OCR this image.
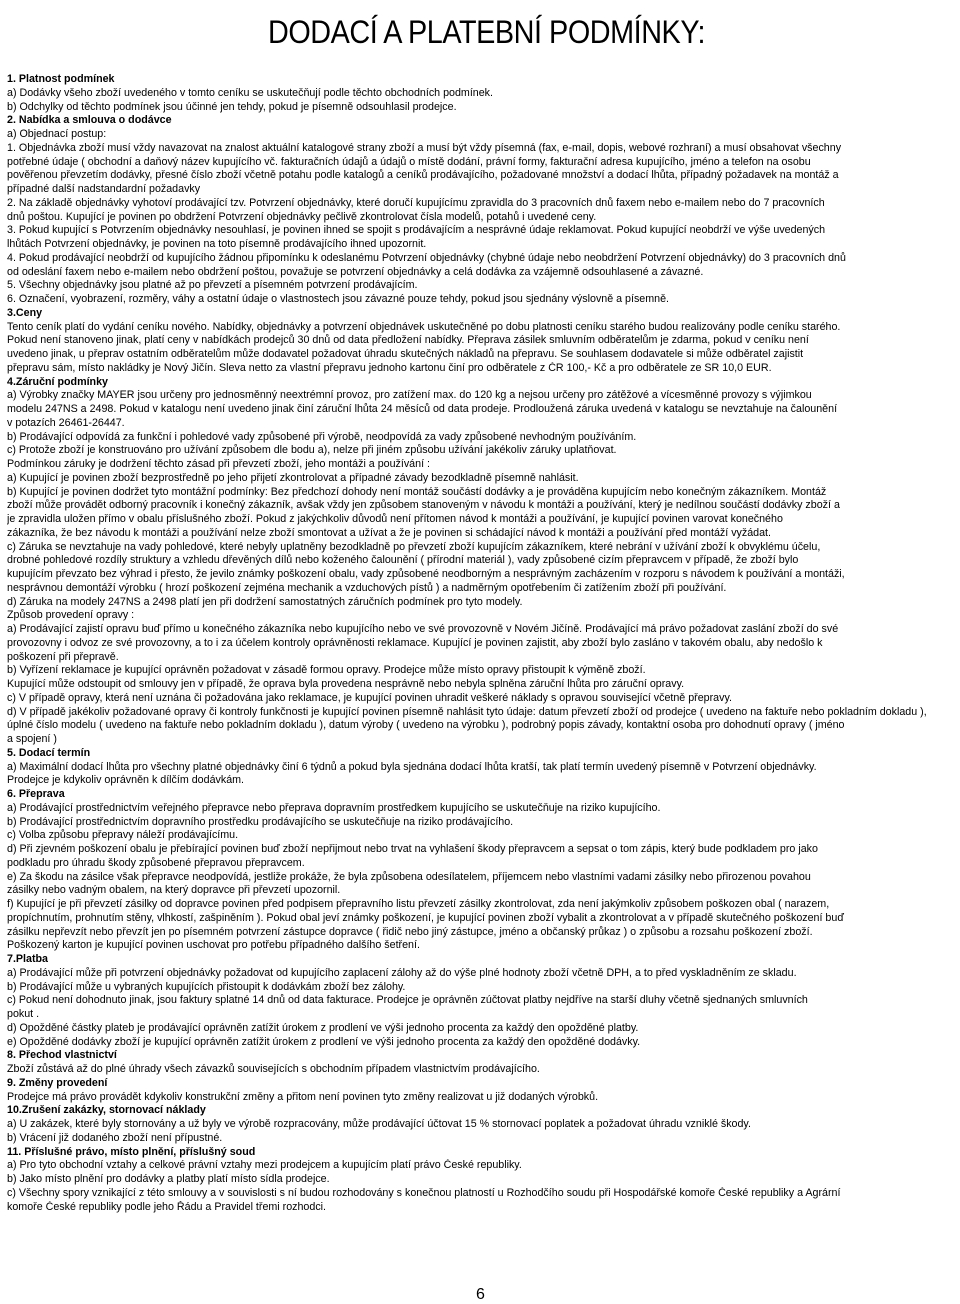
DODACÍ A PLATEBNÍ PODMÍNKY:
1. Platnost podmínek
a) Dodávky všeho zboží uvedeného v tomto ceníku se uskutečňují podle těchto obchodních podmínek.
b) Odchylky od těchto podmínek jsou účinné jen tehdy, pokud je písemně odsouhlasil prodejce.
2. Nabídka a smlouva o dodávce
a) Objednací postup:
1. Objednávka zboží musí vždy navazovat na znalost aktuální katalogové strany zboží a musí být vždy písemná (fax, e-mail, dopis, webové rozhraní) a musí obsahovat všechny
potřebné údaje ( obchodní a daňový název kupujícího vč. fakturačních údajů a údajů o místě dodání, právní formy, fakturační adresa kupujícího, jméno a telefon na osobu
pověřenou převzetím dodávky, přesné číslo zboží včetně potahu podle katalogů a ceníků prodávajícího, požadované množství a dodací lhůta, případný požadavek na montáž a
případné další nadstandardní požadavky
2. Na základě objednávky vyhotoví prodávající tzv. Potvrzení objednávky, které doručí kupujícímu zpravidla do 3 pracovních dnů faxem nebo e-mailem nebo do 7 pracovních
dnů poštou. Kupující je povinen po obdržení Potvrzení objednávky pečlivě zkontrolovat čísla modelů, potahů i uvedené ceny.
3. Pokud kupující s Potvrzením objednávky nesouhlasí, je povinen ihned se spojit s prodávajícím a nesprávné údaje reklamovat. Pokud kupující neobdrží ve výše uvedených
lhůtách Potvrzení objednávky, je povinen na toto písemně prodávajícího ihned upozornit.
4. Pokud prodávající neobdrží od kupujícího žádnou připomínku k odeslanému Potvrzení objednávky (chybné údaje nebo neobdržení Potvrzení objednávky) do 3 pracovních dnů
od odeslání faxem nebo e-mailem nebo obdržení poštou, považuje se potvrzení objednávky a celá dodávka za vzájemně odsouhlasené a závazné.
5. Všechny objednávky jsou platné až po převzetí a písemném potvrzení prodávajícím.
6. Označení, vyobrazení, rozměry, váhy a ostatní údaje o vlastnostech jsou závazné pouze tehdy, pokud jsou sjednány výslovně a písemně.
3.Ceny
Tento ceník platí do vydání ceníku nového. Nabídky, objednávky a potvrzení objednávek uskutečněné po dobu platnosti ceníku starého budou realizovány podle ceníku starého.
Pokud není stanoveno jinak, platí ceny v nabídkách prodejců 30 dnů od data předložení nabídky. Přeprava zásilek smluvním odběratelům je zdarma, pokud v ceníku není
uvedeno jinak, u přeprav ostatním odběratelům může dodavatel požadovat úhradu skutečných nákladů na přepravu. Se souhlasem dodavatele si může odběratel zajistit
přepravu sám, místo nakládky je Nový Jičín. Sleva netto za vlastní přepravu jednoho kartonu činí pro odběratele z ČR 100,- Kč a pro odběratele ze SR 10,0 EUR.
4.Záruční podmínky
a) Výrobky značky MAYER jsou určeny pro jednosměnný neextrémní provoz, pro zatížení max. do 120 kg a nejsou určeny pro zátěžové a vícesměnné provozy s výjimkou
modelu 247NS a 2498. Pokud v katalogu není uvedeno jinak činí záruční lhůta 24 měsíců od data prodeje. Prodloužená záruka uvedená v katalogu se nevztahuje na čalounění
v potazích 26461-26447.
b) Prodávající odpovídá za funkční i pohledové vady způsobené při výrobě, neodpovídá za vady způsobené nevhodným používáním.
c) Protože zboží je konstruováno pro užívání způsobem dle bodu a), nelze při jiném způsobu užívání jakékoliv záruky uplatňovat.
Podmínkou záruky je dodržení těchto zásad při převzetí zboží, jeho montáži a používání :
a) Kupující je povinen zboží bezprostředně po jeho přijetí zkontrolovat a případné závady bezodkladně písemně nahlásit.
b) Kupující je povinen dodržet tyto montážní podmínky: Bez předchozí dohody není montáž součástí dodávky a je prováděna kupujícím nebo konečným zákazníkem. Montáž
zboží může provádět odborný pracovník i konečný zákazník, avšak vždy jen způsobem stanoveným v návodu k montáži a používání, který je nedílnou součástí dodávky zboží a
je zpravidla uložen přímo v obalu příslušného zboží. Pokud z jakýchkoliv důvodů není přítomen návod k montáži a používání, je kupující povinen varovat konečného
zákazníka, že bez návodu k montáži a používání nelze zboží smontovat a užívat a že je povinen si schádající návod k montáži a používání před montáží vyžádat.
c) Záruka se nevztahuje na vady pohledové, které nebyly uplatněny bezodkladně po převzetí zboží kupujícím zákazníkem, které nebrání v užívání zboží k obvyklému účelu,
drobné pohledové rozdíly struktury a vzhledu dřevěných dílů nebo koženého čalounění ( přírodní materiál ), vady způsobené cizím přepravcem v případě, že zboží bylo
kupujícím převzato bez výhrad i přesto, že jevilo známky poškození obalu, vady způsobené neodborným a nesprávným zacházením v rozporu s návodem k používání a montáži,
nesprávnou demontáží výrobku ( hrozí poškození zejména mechanik a vzduchových pístů ) a nadměrným opotřebením či zatížením zboží při používání.
d) Záruka na modely 247NS a 2498 platí jen při dodržení samostatných záručních podmínek pro tyto modely.
Způsob provedení opravy :
a) Prodávající zajistí opravu buď přímo u konečného zákazníka nebo kupujícího nebo ve své provozovně v Novém Jičíně. Prodávající má právo požadovat zaslání zboží do své
provozovny i odvoz ze své provozovny, a to i za účelem kontroly oprávněnosti reklamace. Kupující je povinen zajistit, aby zboží bylo zasláno v takovém obalu, aby nedošlo k
poškození při přepravě.
b) Vyřízení reklamace je kupující oprávněn požadovat v zásadě formou opravy. Prodejce může místo opravy přistoupit k výměně zboží.
Kupující může odstoupit od smlouvy jen v případě, že oprava byla provedena nesprávně nebo nebyla splněna záruční lhůta pro záruční opravy.
c) V případě opravy, která není uznána či požadována jako reklamace, je kupující povinen uhradit veškeré náklady s opravou související včetně přepravy.
d) V případě jakékoliv požadované opravy či kontroly funkčnosti je kupující povinen písemně nahlásit tyto údaje: datum převzetí zboží od prodejce ( uvedeno na faktuře nebo pokladním dokladu ),
úplné číslo modelu ( uvedeno na faktuře nebo pokladním dokladu ), datum výroby ( uvedeno na výrobku ), podrobný popis závady, kontaktní osoba pro dohodnutí opravy ( jméno
a spojení )
5. Dodací termín
a) Maximální dodací lhůta pro všechny platné objednávky činí 6 týdnů a pokud byla sjednána dodací lhůta kratší, tak platí termín uvedený písemně v Potvrzení objednávky.
Prodejce je kdykoliv oprávněn k dílčím dodávkám.
6. Přeprava
a) Prodávající prostřednictvím veřejného přepravce nebo přeprava dopravním prostředkem kupujícího se uskutečňuje na riziko kupujícího.
b) Prodávající prostřednictvím dopravního prostředku prodávajícího se uskutečňuje na riziko prodávajícího.
c) Volba způsobu přepravy náleží prodávajícímu.
d) Při zjevném poškození obalu je přebírající povinen buď zboží nepřijmout nebo trvat na vyhlašení škody přepravcem a sepsat o tom zápis, který bude podkladem pro jako
podkladu pro úhradu škody způsobené přepravou přepravcem.
e) Za škodu na zásilce však přepravce neodpovídá, jestliže prokáže, že byla způsobena odesílatelem, příjemcem nebo vlastními vadami zásilky nebo přirozenou povahou
zásilky nebo vadným obalem, na který dopravce při převzetí upozornil.
f) Kupující je při převzetí zásilky od dopravce povinen před podpisem přepravního listu převzetí zásilky zkontrolovat, zda není jakýmkoliv způsobem poškozen obal ( narazem,
propíchnutím, prohnutím stěny, vlhkostí, zašpiněním ). Pokud obal jeví známky poškození, je kupující povinen zboží vybalit a zkontrolovat a v případě skutečného poškození buď
zásilku nepřevzít nebo převzít jen po písemném potvrzení zástupce dopravce ( řidič nebo jiný zástupce, jméno a občanský průkaz ) o způsobu a rozsahu poškození zboží.
Poškozený karton je kupující povinen uschovat pro potřebu případného dalšího šetření.
7.Platba
a) Prodávající může při potvrzení objednávky požadovat od kupujícího zaplacení zálohy až do výše plné hodnoty zboží včetně DPH, a to před vyskladněním ze skladu.
b) Prodávající může u vybraných kupujících přistoupit k dodávkám zboží bez zálohy.
c) Pokud není dohodnuto jinak, jsou faktury splatné 14 dnů od data fakturace. Prodejce je oprávněn zúčtovat platby nejdříve na starší dluhy včetně sjednaných smluvních
pokut .
d) Opožděné částky plateb je prodávající oprávněn zatížit úrokem z prodlení ve výši jednoho procenta za každý den opožděné platby.
e) Opožděné dodávky zboží je kupující oprávněn zatížit úrokem z prodlení ve výši jednoho procenta za každý den opožděné dodávky.
8. Přechod vlastnictví
Zboží zůstává až do plné úhrady všech závazků souvisejících s obchodním případem vlastnictvím prodávajícího.
9. Změny provedení
Prodejce má právo provádět kdykoliv konstrukční změny a přitom není povinen tyto změny realizovat u již dodaných výrobků.
10.Zrušení zakázky, stornovací náklady
a) U zakázek, které byly stornovány a už byly ve výrobě rozpracovány, může prodávající účtovat 15 % stornovací poplatek a požadovat úhradu vzniklé škody.
b) Vrácení již dodaného zboží není přípustné.
11. Příslušné právo, místo plnění, příslušný soud
a) Pro tyto obchodní vztahy a celkové právní vztahy mezi prodejcem a kupujícím platí právo České republiky.
b) Jako místo plnění pro dodávky a platby platí místo sídla prodejce.
c) Všechny spory vznikající z této smlouvy a v souvislosti s ní budou rozhodovány s konečnou platností u Rozhodčího soudu při Hospodářské komoře České republiky a Agrární
komoře České republiky podle jeho Řádu a Pravidel třemi rozhodci.
6
